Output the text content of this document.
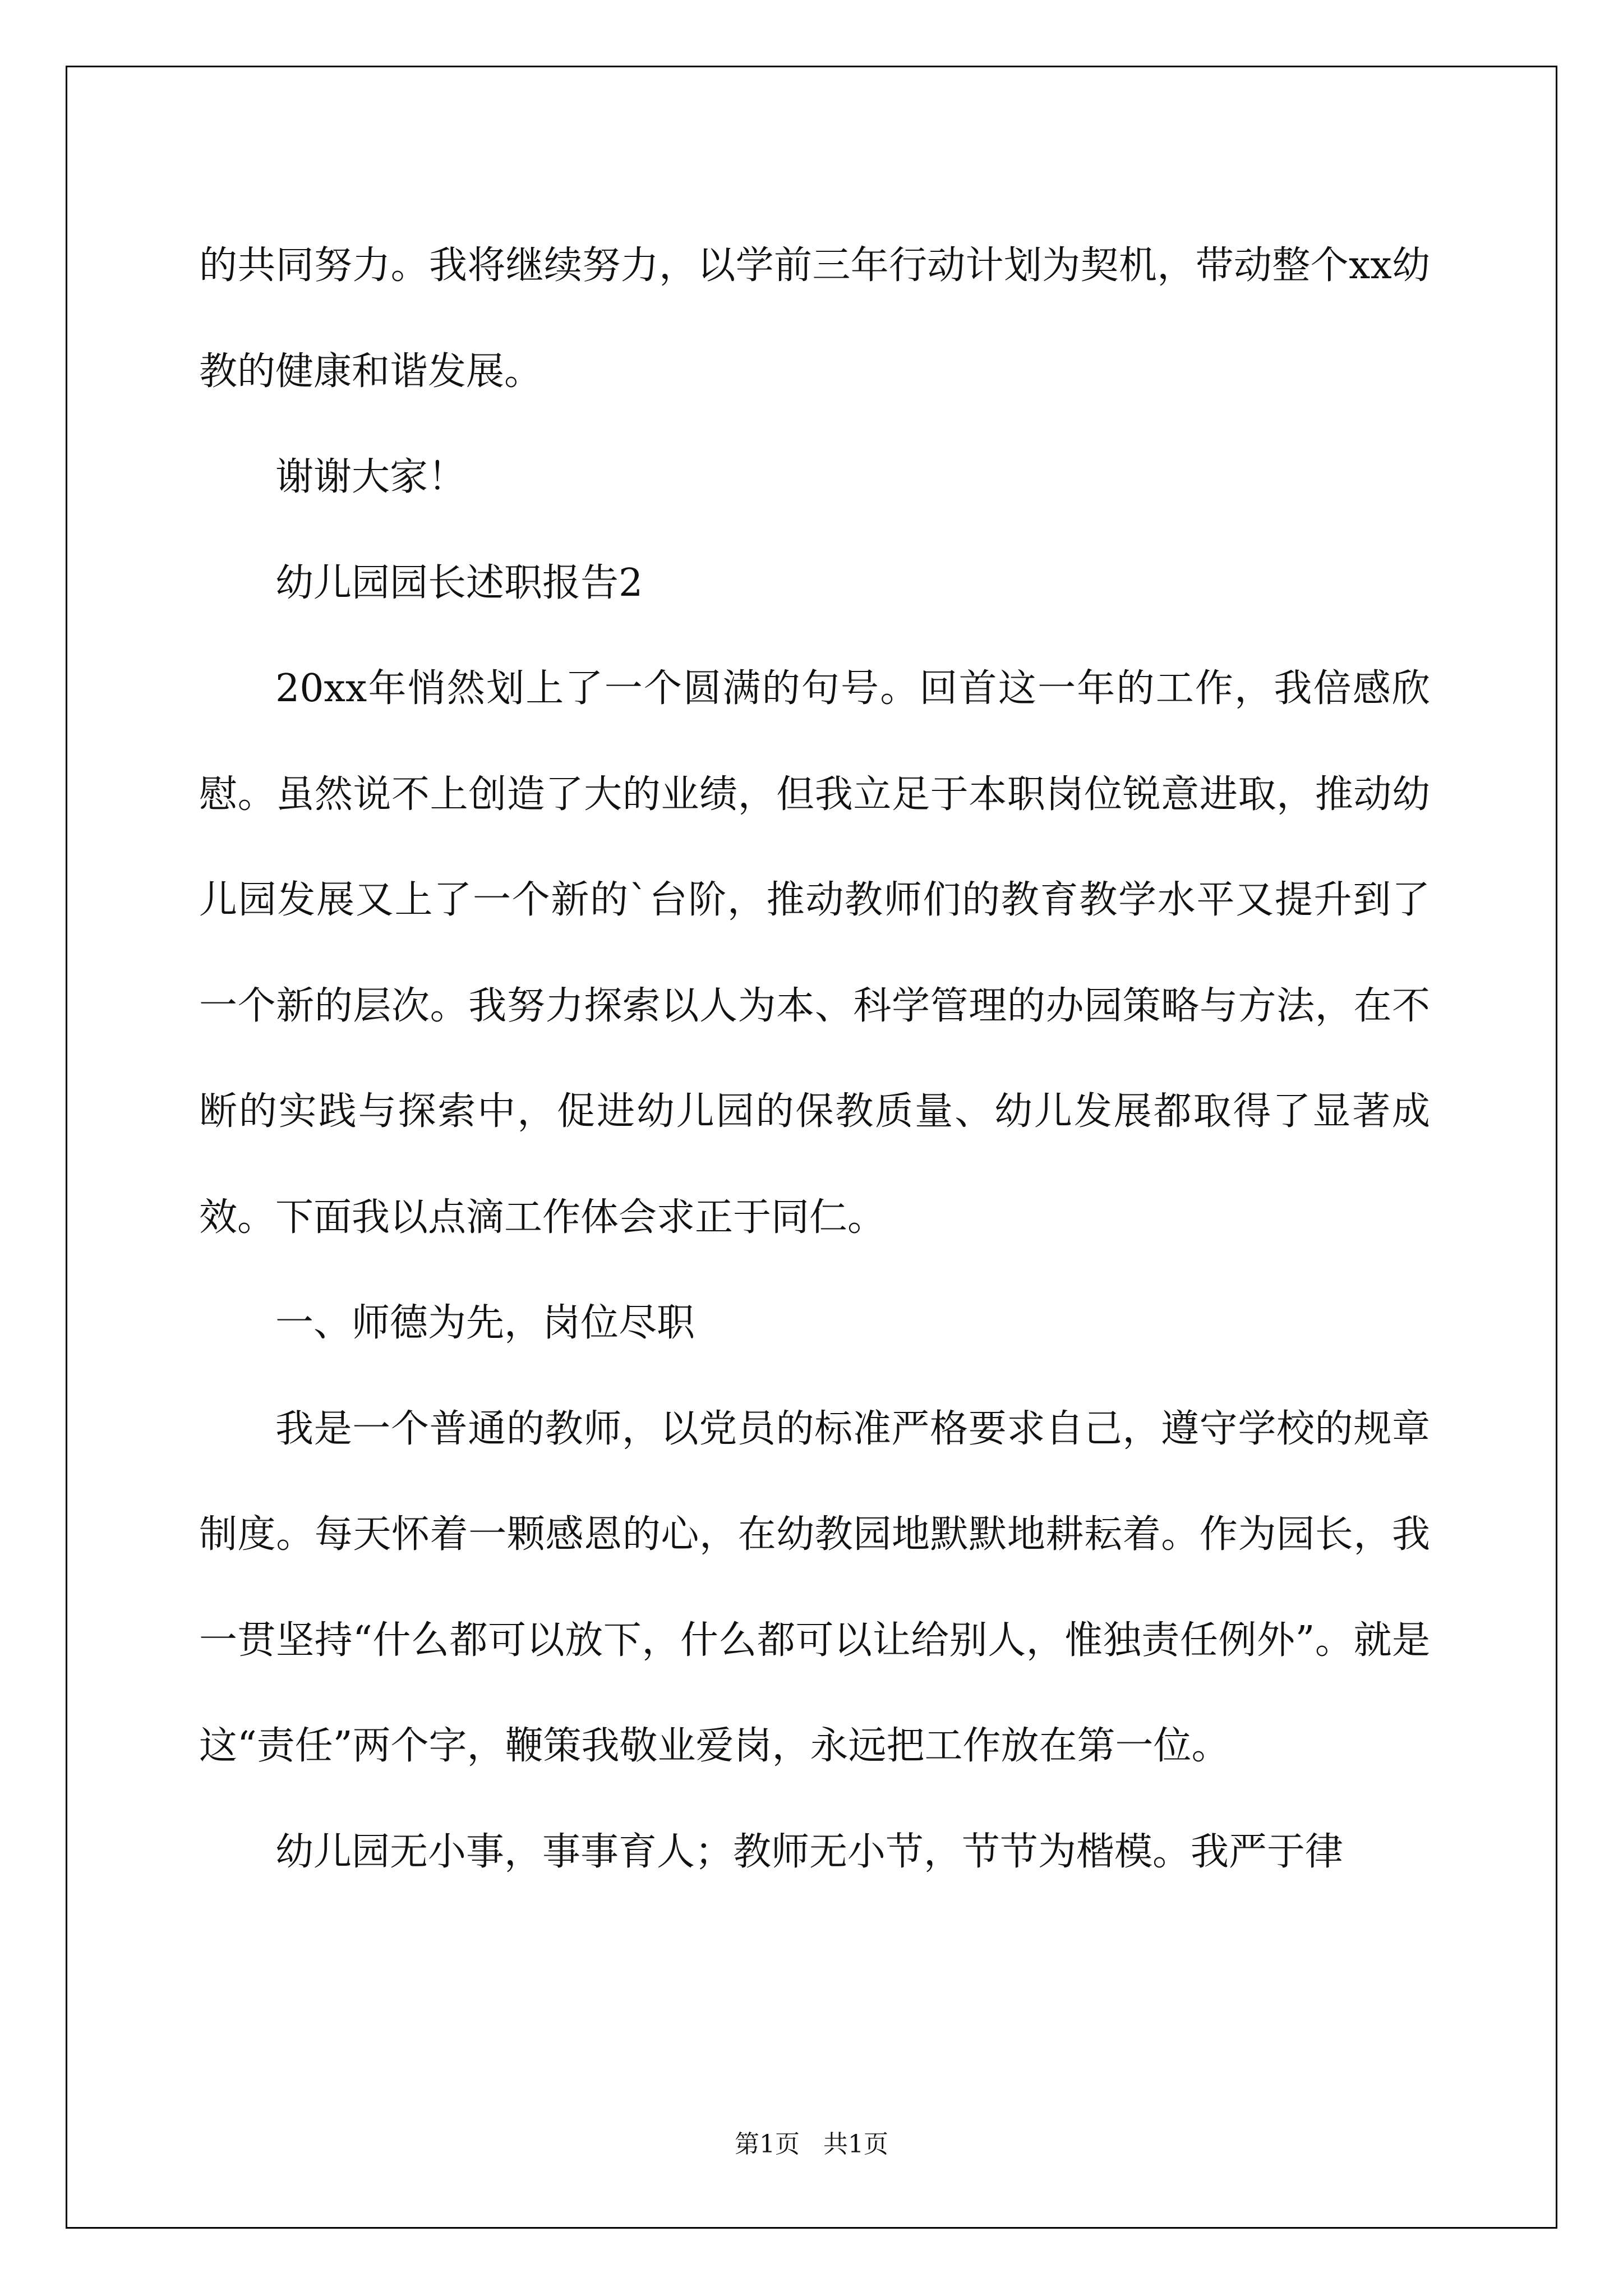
的共同努力。我将继续努力，以学前三年行动计划为契机，带动整个xx幼教的健康和谐发展。

谢谢大家！

幼儿园园长述职报告2

20xx年悄然划上了一个圆满的句号。回首这一年的工作，我倍感欣慰。虽然说不上创造了大的业绩，但我立足于本职岗位锐意进取，推动幼儿园发展又上了一个新的`台阶，推动教师们的教育教学水平又提升到了一个新的层次。我努力探索以人为本、科学管理的办园策略与方法，在不断的实践与探索中，促进幼儿园的保教质量、幼儿发展都取得了显著成效。下面我以点滴工作体会求正于同仁。

一、师德为先，岗位尽职

我是一个普通的教师，以党员的标准严格要求自己，遵守学校的规章制度。每天怀着一颗感恩的心，在幼教园地默默地耕耘着。作为园长，我一贯坚持“什么都可以放下，什么都可以让给别人，惟独责任例外”。就是这“责任”两个字，鞭策我敬业爱岗，永远把工作放在第一位。

幼儿园无小事，事事育人；教师无小节，节节为楷模。我严于律

第1页   共1页
